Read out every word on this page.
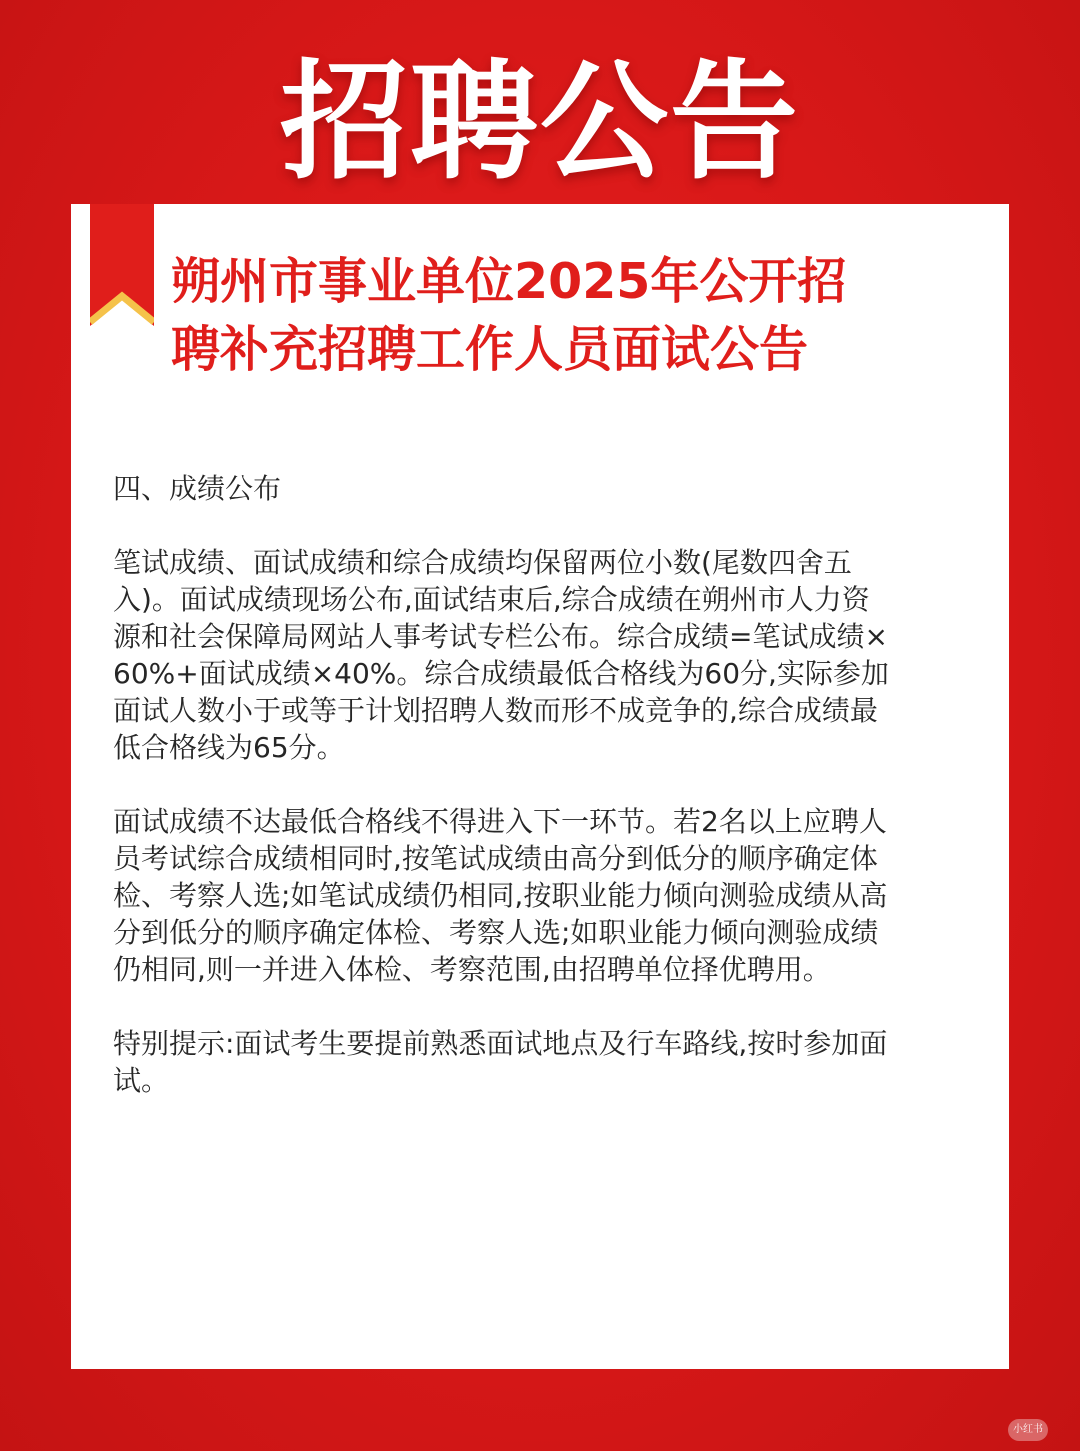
招聘公告
朔州市事业单位2025年公开招
聘补充招聘工作人员面试公告

四、成绩公布

笔试成绩、面试成绩和综合成绩均保留两位小数(尾数四舍五
入)。面试成绩现场公布,面试结束后,综合成绩在朔州市人力资
源和社会保障局网站人事考试专栏公布。综合成绩=笔试成绩×
60%+面试成绩×40%。综合成绩最低合格线为60分,实际参加
面试人数小于或等于计划招聘人数而形不成竞争的,综合成绩最
低合格线为65分。

面试成绩不达最低合格线不得进入下一环节。若2名以上应聘人
员考试综合成绩相同时,按笔试成绩由高分到低分的顺序确定体
检、考察人选;如笔试成绩仍相同,按职业能力倾向测验成绩从高
分到低分的顺序确定体检、考察人选;如职业能力倾向测验成绩
仍相同,则一并进入体检、考察范围,由招聘单位择优聘用。

特别提示:面试考生要提前熟悉面试地点及行车路线,按时参加面
试。

小红书
